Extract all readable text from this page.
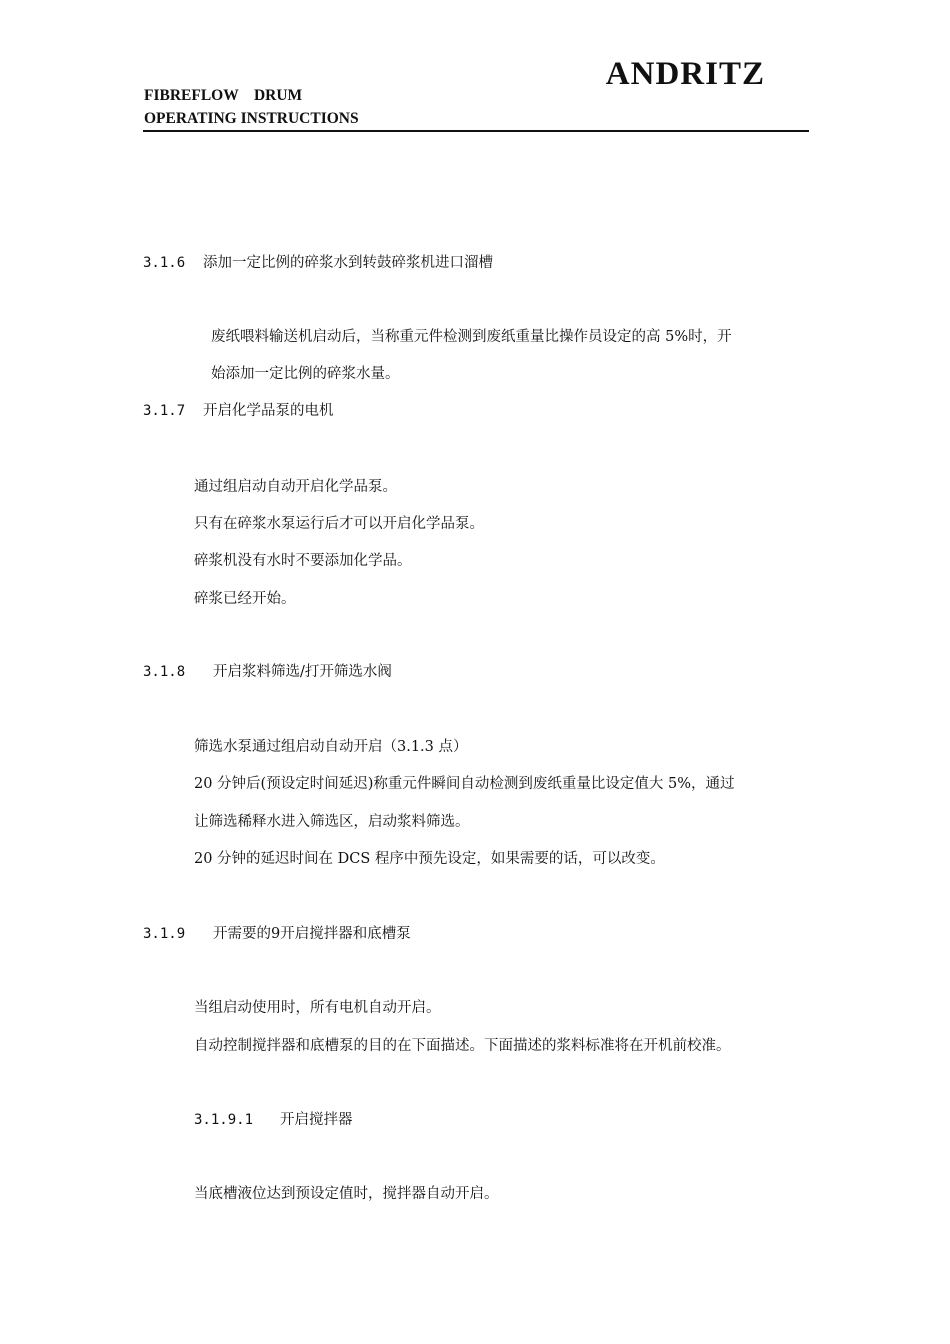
ANDRITZ
FIBREFLOW    DRUM
OPERATING INSTRUCTIONS
3.1.6 添加一定比例的碎浆水到转鼓碎浆机进口溜槽
废纸喂料输送机启动后，当称重元件检测到废纸重量比操作员设定的高 5%时，开
始添加一定比例的碎浆水量。
3.1.7 开启化学品泵的电机
通过组启动自动开启化学品泵。
只有在碎浆水泵运行后才可以开启化学品泵。
碎浆机没有水时不要添加化学品。
碎浆已经开始。
3.1.8 开启浆料筛选/打开筛选水阀
筛选水泵通过组启动自动开启（3.1.3 点）
20 分钟后(预设定时间延迟)称重元件瞬间自动检测到废纸重量比设定值大 5%，通过
让筛选稀释水进入筛选区，启动浆料筛选。
20 分钟的延迟时间在 DCS 程序中预先设定，如果需要的话，可以改变。
3.1.9 开需要的9开启搅拌器和底槽泵
当组启动使用时，所有电机自动开启。
自动控制搅拌器和底槽泵的目的在下面描述。下面描述的浆料标准将在开机前校准。
3.1.9.1 开启搅拌器
当底槽液位达到预设定值时，搅拌器自动开启。
